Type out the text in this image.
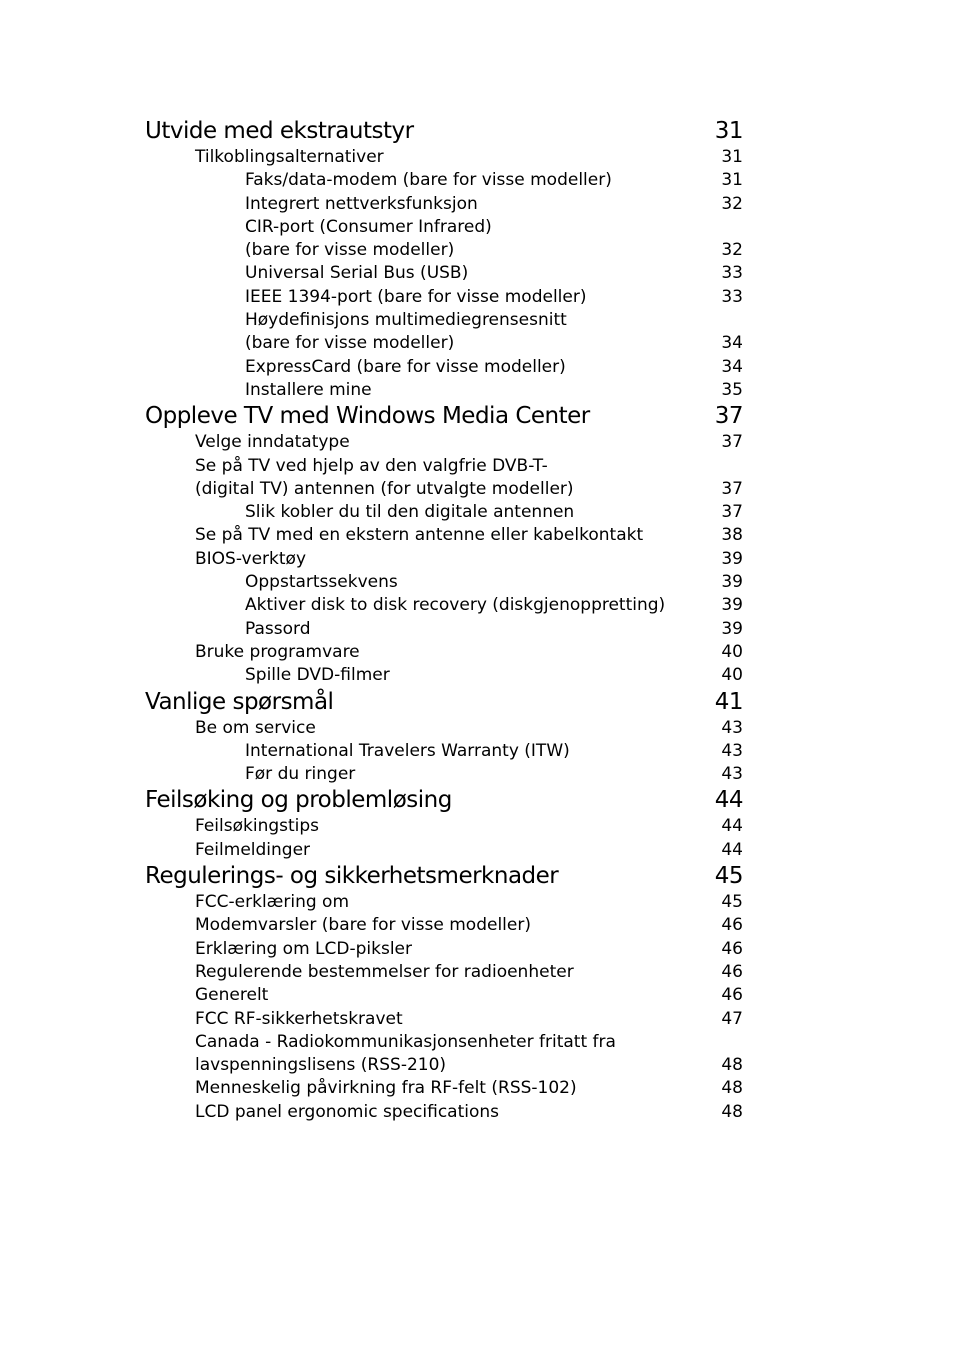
Utvide med ekstrautstyr	31
Tilkoblingsalternativer	31
Faks/data-modem (bare for visse modeller)	31
Integrert nettverksfunksjon	32
CIR-port (Consumer Infrared)
(bare for visse modeller)	32
Universal Serial Bus (USB)	33
IEEE 1394-port (bare for visse modeller)	33
Høydefinisjons multimediegrensesnitt
(bare for visse modeller)	34
ExpressCard (bare for visse modeller)	34
Installere mine	35
Oppleve TV med Windows Media Center	37
Velge inndatatype	37
Se på TV ved hjelp av den valgfrie DVB-T-
(digital TV) antennen (for utvalgte modeller)	37
Slik kobler du til den digitale antennen	37
Se på TV med en ekstern antenne eller kabelkontakt	38
BIOS-verktøy	39
Oppstartssekvens	39
Aktiver disk to disk recovery (diskgjenoppretting)	39
Passord	39
Bruke programvare	40
Spille DVD-filmer	40
Vanlige spørsmål	41
Be om service	43
International Travelers Warranty (ITW)	43
Før du ringer	43
Feilsøking og problemløsing	44
Feilsøkingstips	44
Feilmeldinger	44
Regulerings- og sikkerhetsmerknader	45
FCC-erklæring om	45
Modemvarsler (bare for visse modeller)	46
Erklæring om LCD-piksler	46
Regulerende bestemmelser for radioenheter	46
Generelt	46
FCC RF-sikkerhetskravet	47
Canada - Radiokommunikasjonsenheter fritatt fra
lavspenningslisens (RSS-210)	48
Menneskelig påvirkning fra RF-felt (RSS-102)	48
LCD panel ergonomic specifications	48
